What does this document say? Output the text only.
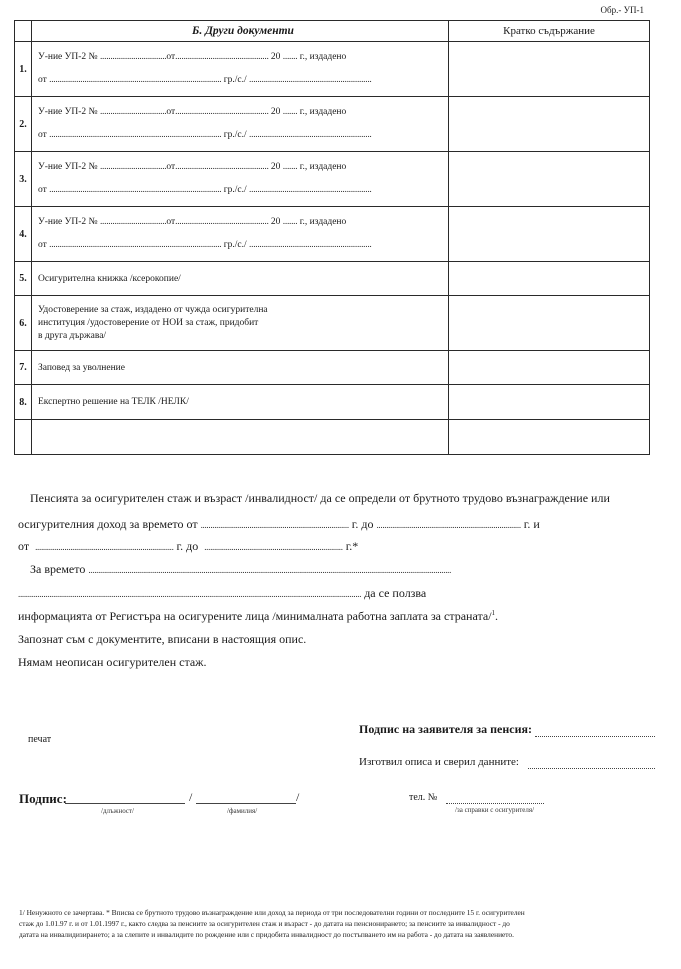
Обр.- УП-1
	Б. Други документи	Кратко съдържание
1.	У-ние УП-2 № ................................от............................................. 20 ....... г., издадено
от ................................................................................... гр./с./ ...........................................................	

2.	У-ние УП-2 № ................................от............................................. 20 ....... г., издадено
от ................................................................................... гр./с./ ...........................................................	

3.	У-ние УП-2 № ................................от............................................. 20 ....... г., издадено
от ................................................................................... гр./с./ ...........................................................	

4.	У-ние УП-2 № ................................от............................................. 20 ....... г., издадено
от ................................................................................... гр./с./ ...........................................................	

5.	Осигурителна книжка /ксерокопие/	
6.	Удостоверение за стаж, издадено от чужда осигурителна
институция /удостоверение от НОИ за стаж, придобит
в друга държава/	

7.	Заповед за уволнение	
8.	Експертно решение на ТЕЛК /НЕЛК/	

Пенсията за осигурителен стаж и възраст /инвалидност/ да се определи от брутното трудово възнаграждение или
осигурителния доход за времето от ............................................................................ г. до .......................................................................... г. и
от ....................................................................... г. до ....................................................................... г.*
За времето ..........................................................................................................................................................................................
................................................................................................................................................................................ да се ползва
информацията от Регистъра на осигурените лица /минималната работна заплата за страната/$^1$.
Запознат съм с документите, вписани в настоящия опис.
Нямам неописан осигурителен стаж.
печат
Подпис на заявителя за пенсия:
Изготвил описа и сверил данните:
Подпис:	/	/
/длъжност/	/фамилия/
тел. №
/за справки с осигурителя/
1/ Ненужното се зачертава. * Вписва се брутното трудово възнаграждение или доход за периода от три последователни години от последните 15 г. осигурителен
стаж до 1.01.97 г. и от 1.01.1997 г., както следва за пенсиите за осигурителен стаж и възраст - до датата на пенсионирането; за пенсиите за инвалидност - до
датата на инвалидизирането; а за слепите и инвалидите по рождение или с придобита инвалидност до постъпването им на работа - до датата на заявлението.
